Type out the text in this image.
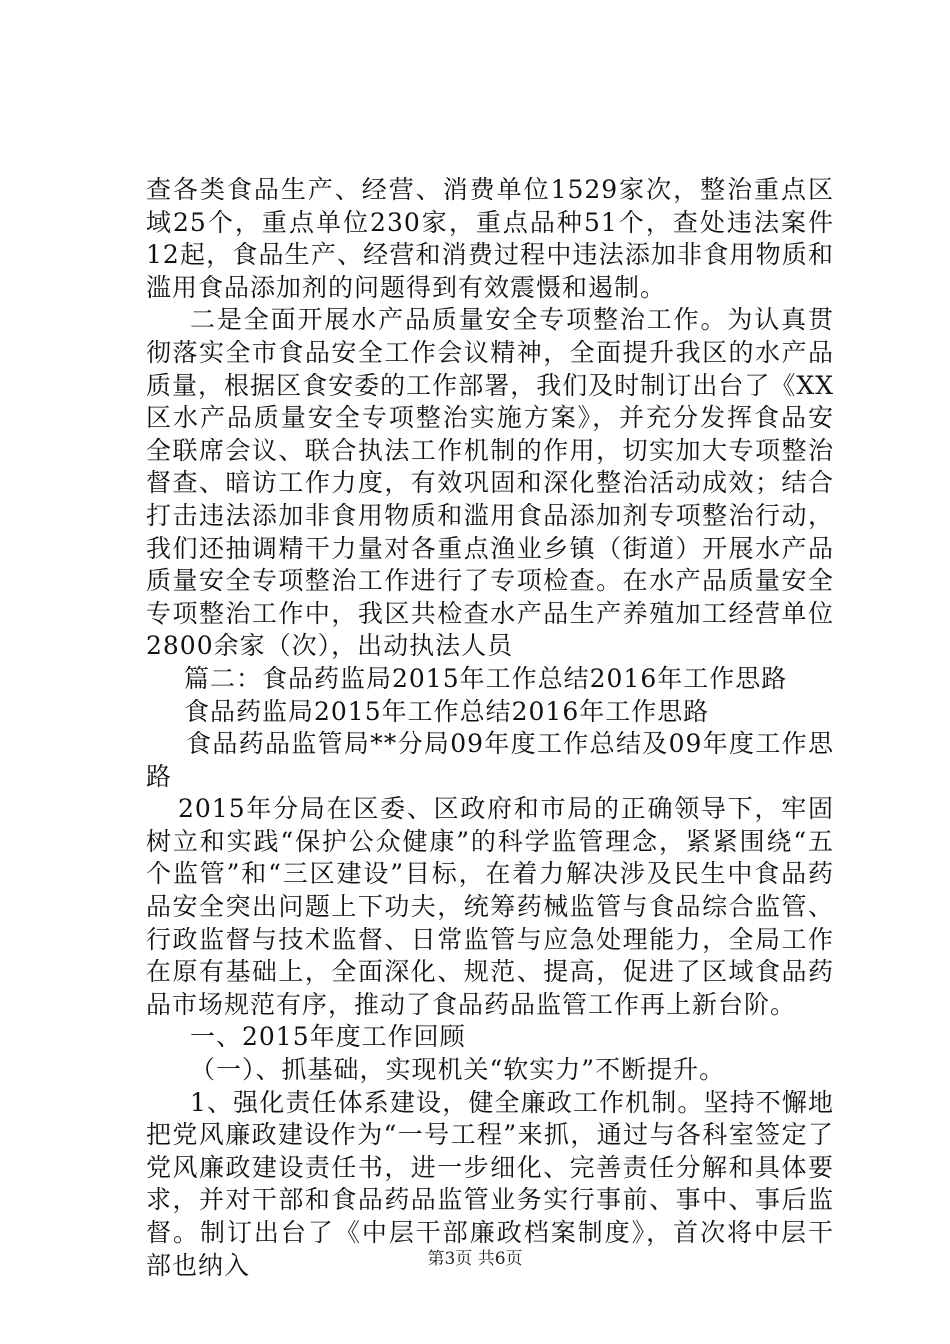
查各类食品生产、经营、消费单位1529家次，整治重点区域25个，重点单位230家，重点品种51个，查处违法案件12起，食品生产、经营和消费过程中违法添加非食用物质和滥用食品添加剂的问题得到有效震慑和遏制。

二是全面开展水产品质量安全专项整治工作。为认真贯彻落实全市食品安全工作会议精神，全面提升我区的水产品质量，根据区食安委的工作部署，我们及时制订出台了《XX区水产品质量安全专项整治实施方案》，并充分发挥食品安全联席会议、联合执法工作机制的作用，切实加大专项整治督查、暗访工作力度，有效巩固和深化整治活动成效；结合打击违法添加非食用物质和滥用食品添加剂专项整治行动，我们还抽调精干力量对各重点渔业乡镇（街道）开展水产品质量安全专项整治工作进行了专项检查。在水产品质量安全专项整治工作中，我区共检查水产品生产养殖加工经营单位2800余家（次），出动执法人员

篇二：食品药监局2015年工作总结2016年工作思路

食品药监局2015年工作总结2016年工作思路

食品药品监管局**分局09年度工作总结及09年度工作思路

2015年分局在区委、区政府和市局的正确领导下，牢固树立和实践“保护公众健康”的科学监管理念，紧紧围绕“五个监管”和“三区建设”目标，在着力解决涉及民生中食品药品安全突出问题上下功夫，统筹药械监管与食品综合监管、行政监督与技术监督、日常监管与应急处理能力，全局工作在原有基础上，全面深化、规范、提高，促进了区域食品药品市场规范有序，推动了食品药品监管工作再上新台阶。

一、2015年度工作回顾

（一）、抓基础，实现机关“软实力”不断提升。

1、强化责任体系建设，健全廉政工作机制。坚持不懈地把党风廉政建设作为“一号工程”来抓，通过与各科室签定了党风廉政建设责任书，进一步细化、完善责任分解和具体要求，并对干部和食品药品监管业务实行事前、事中、事后监督。制订出台了《中层干部廉政档案制度》，首次将中层干部也纳入	第3页 共6页
